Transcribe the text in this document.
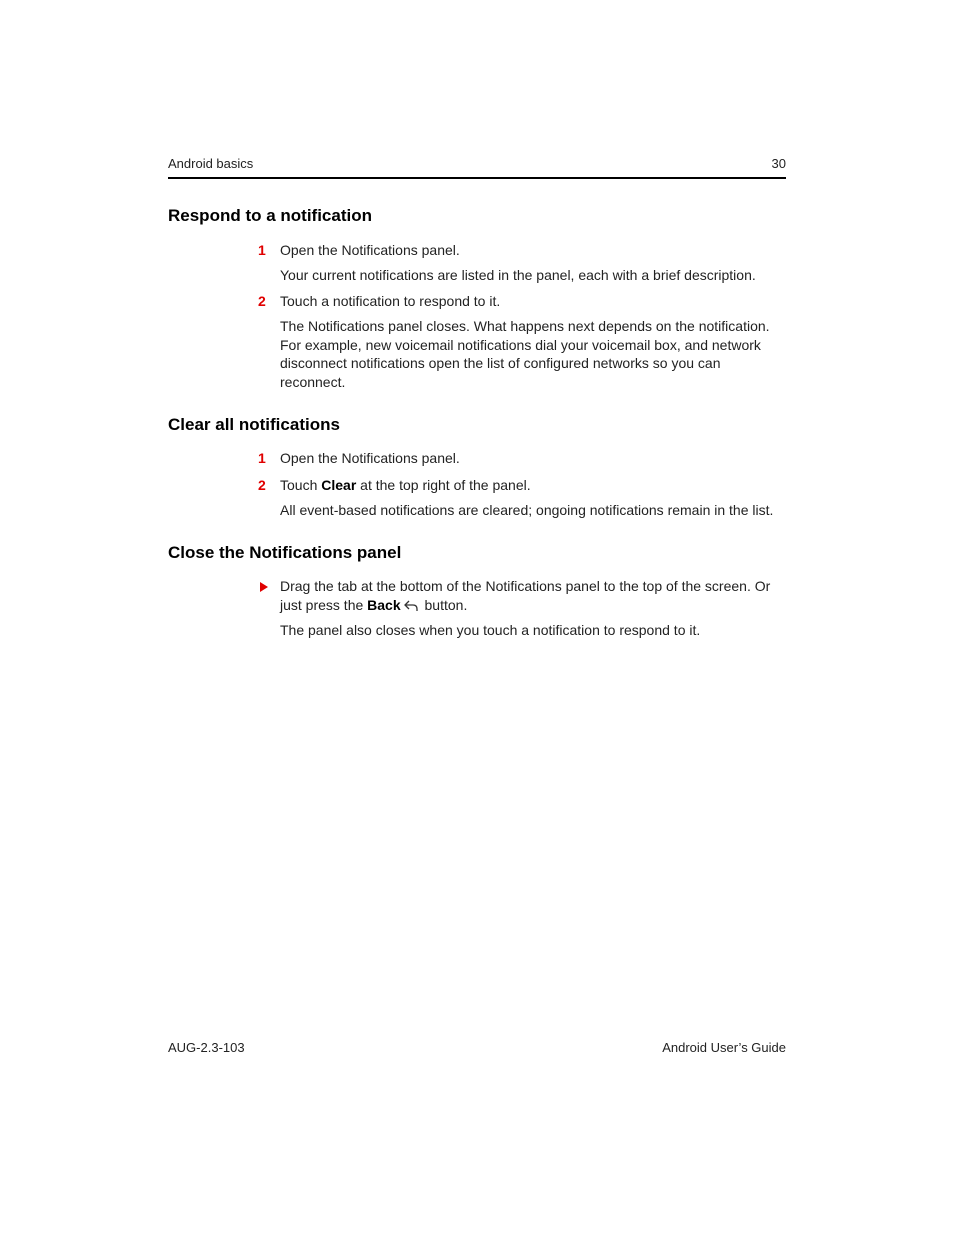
Android basics	30
Respond to a notification
1 Open the Notifications panel.
Your current notifications are listed in the panel, each with a brief description.
2 Touch a notification to respond to it.
The Notifications panel closes. What happens next depends on the notification. For example, new voicemail notifications dial your voicemail box, and network disconnect notifications open the list of configured networks so you can reconnect.
Clear all notifications
1 Open the Notifications panel.
2 Touch Clear at the top right of the panel.
All event-based notifications are cleared; ongoing notifications remain in the list.
Close the Notifications panel
Drag the tab at the bottom of the Notifications panel to the top of the screen. Or just press the Back button.
The panel also closes when you touch a notification to respond to it.
AUG-2.3-103	Android User’s Guide
